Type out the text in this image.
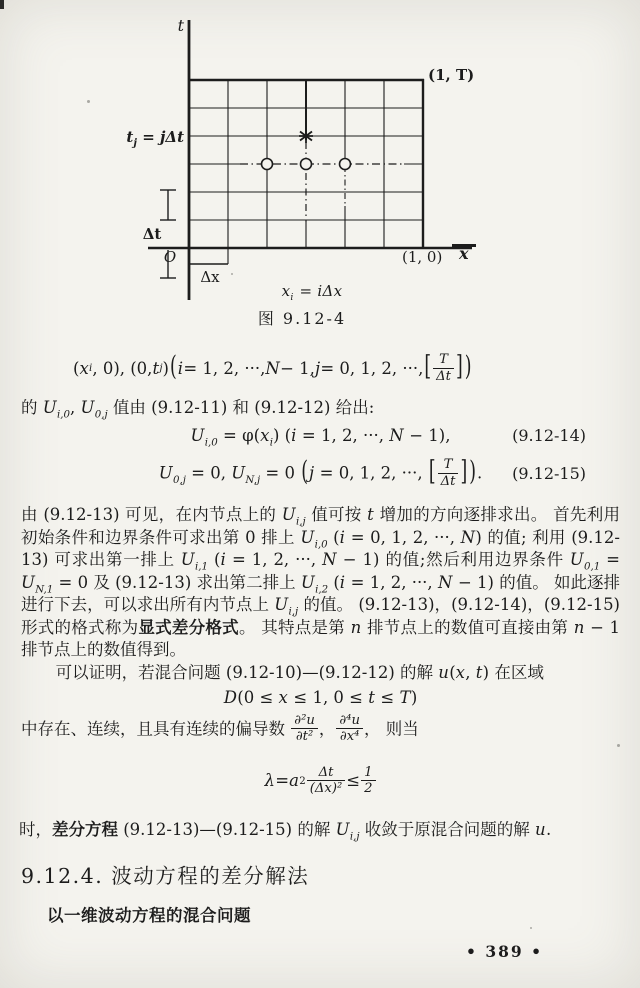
t
x
(1, T)
(1, 0)
$t_j = j\Delta t$
Δt
O
Δx
$x_i = i\Delta x$
图 9.12-4
( x i , 0), (0, t j ) ( i = 1, 2, ···, N − 1, j = 0, 1, 2, ···, [ $\frac{T}{\Delta t}$ ] )
的 $U_{i,0}$, $U_{0,j}$ 值由 (9.12-11) 和 (9.12-12) 给出:
$U_{i,0} = \varphi(x_i) (i = 1$, 2, ···, N − 1),	(9.12-14)
$U_{0,j} = 0$, $U_{N,j} = 0$ (j = 0, 1, 2, ···, [ $\frac{T}{\Delta t}$ ] ). (9.12-15)
由 (9.12-13) 可见，在内节点上的 $U_{i,j}$ 值可按 t 增加的方向逐排求出。 首先利用初始条件和边界条件可求出第 0 排上 $U_{i,0}$ (i = 0, 1, 2, ···, N) 的值; 利用 (9.12-13) 可求出第一排上 $U_{i,1}$ (i = 1, 2, ···, N − 1) 的值;然后利用边界条件 $U_{0,1} = U_{N,1} = 0$ 及 (9.12-13) 求出第二排上 $U_{i,2}$ (i = 1, 2, ···, N − 1) 的值。 如此逐排进行下去，可以求出所有内节点上 $U_{i,j}$ 的值。 (9.12-13)，(9.12-14)，(9.12-15) 形式的格式称为显式差分格式。 其特点是第 n 排节点上的数值可直接由第 n − 1 排节点上的数值得到。
可以证明，若混合问题 (9.12-10)—(9.12-12) 的解 u(x, t) 在区域
D(0 ≤ x ≤ 1, 0 ≤ t ≤ T)
中存在、连续，且具有连续的偏导数 $\frac{\text{∂²u}}{\text{∂t²}}$ ， $\frac{\text{∂⁴u}}{\text{∂x⁴}}$ ， 则当
λ = a $2 \frac{\Delta t}{\text{(Δx)²}} \le \frac{1}{2}$
时，差分方程 (9.12-13)—(9.12-15) 的解 $U_{i,j}$ 收敛于原混合问题的解 u.
9.12.4. 波动方程的差分解法
以一维波动方程的混合问题
• 389 •
